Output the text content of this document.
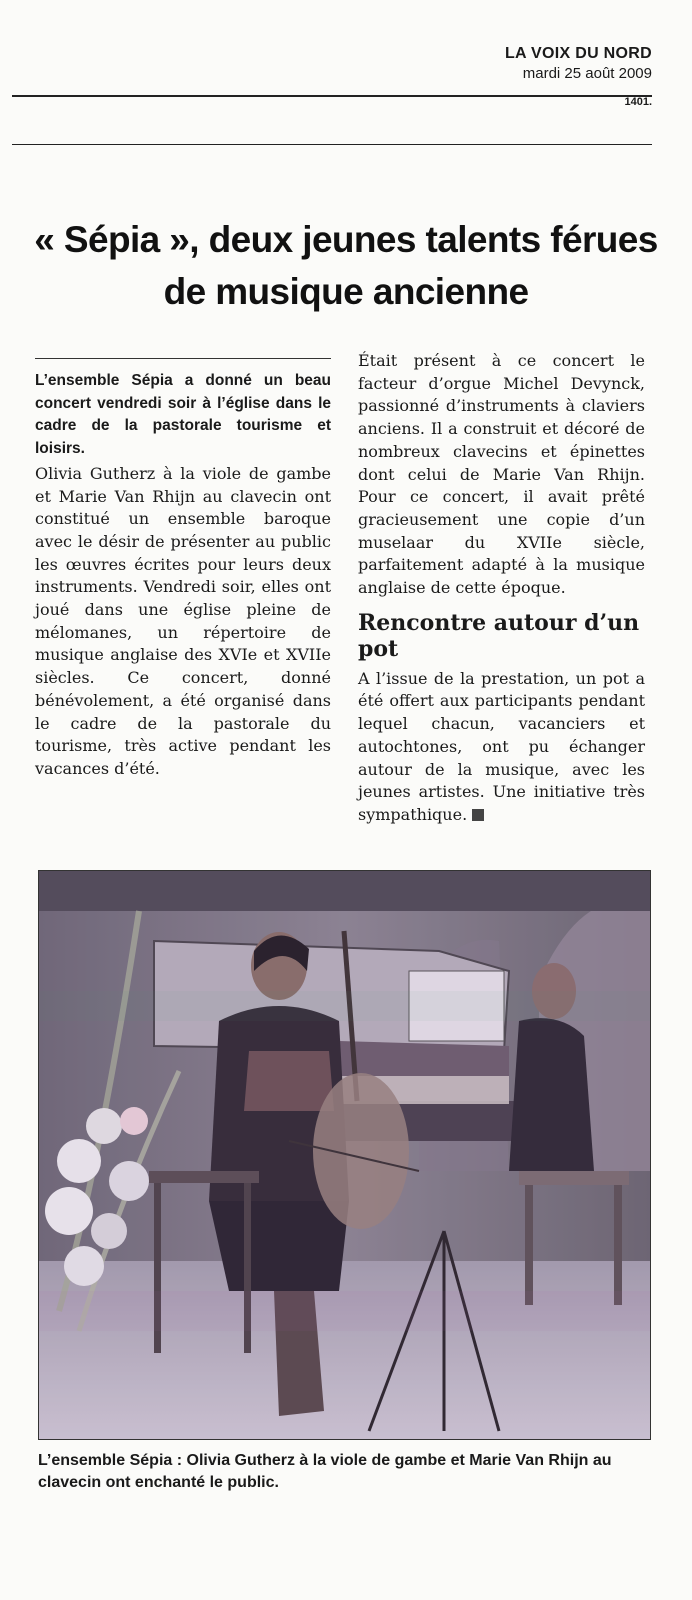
LA VOIX DU NORD
mardi 25 août 2009
1401.
« Sépia », deux jeunes talents férues de musique ancienne

L’ensemble Sépia a donné un beau concert vendredi soir à l’église dans le cadre de la pastorale tourisme et loisirs.

Olivia Gutherz à la viole de gambe et Marie Van Rhijn au clavecin ont constitué un ensemble baroque avec le désir de présenter au public les œuvres écrites pour leurs deux instruments. Vendredi soir, elles ont joué dans une église pleine de mélomanes, un répertoire de musique anglaise des XVIe et XVIIe siècles. Ce concert, donné bénévolement, a été organisé dans le cadre de la pastorale du tourisme, très active pendant les vacances d’été.

Était présent à ce concert le facteur d’orgue Michel Devynck, passionné d’instruments à claviers anciens. Il a construit et décoré de nombreux clavecins et épinettes dont celui de Marie Van Rhijn. Pour ce concert, il avait prêté gracieusement une copie d’un muselaar du XVIIe siècle, parfaitement adapté à la musique anglaise de cette époque.

Rencontre autour d’un pot

A l’issue de la prestation, un pot a été offert aux participants pendant lequel chacun, vacanciers et autochtones, ont pu échanger autour de la musique, avec les jeunes artistes. Une initiative très sympathique.

L’ensemble Sépia : Olivia Gutherz à la viole de gambe et Marie Van Rhijn au clavecin ont enchanté le public.
